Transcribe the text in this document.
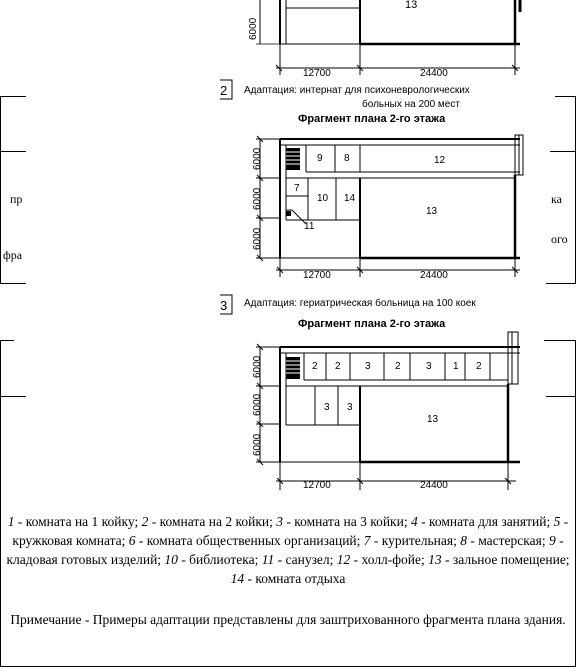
пр
фра
ка
ого
13
6000
12700	24400
2 Адаптация: интернат для психоневрологических
больных на 200 мест
Фрагмент плана 2-го этажа
9 8	12
7
10 14
13
11
6000
6000
6000
12700	24400
3 Адаптация: гериатрическая больница на 100 коек
Фрагмент плана 2-го этажа
2 2 3 2	3 1 2
3 3
13
6000
6000
6000
12700	24400
1 - комната на 1 койку; 2 - комната на 2 койки; 3 - комната на 3 койки; 4 - комната для занятий; 5 - кружковая комната; 6 - комната общественных организаций; 7 - курительная; 8 - мастерская; 9 - кладовая готовых изделий; 10 - библиотека; 11 - санузел; 12 - холл-фойе; 13 - зальное помещение; 14 - комната отдыха
Примечание - Примеры адаптации представлены для заштрихованного фрагмента плана здания.
